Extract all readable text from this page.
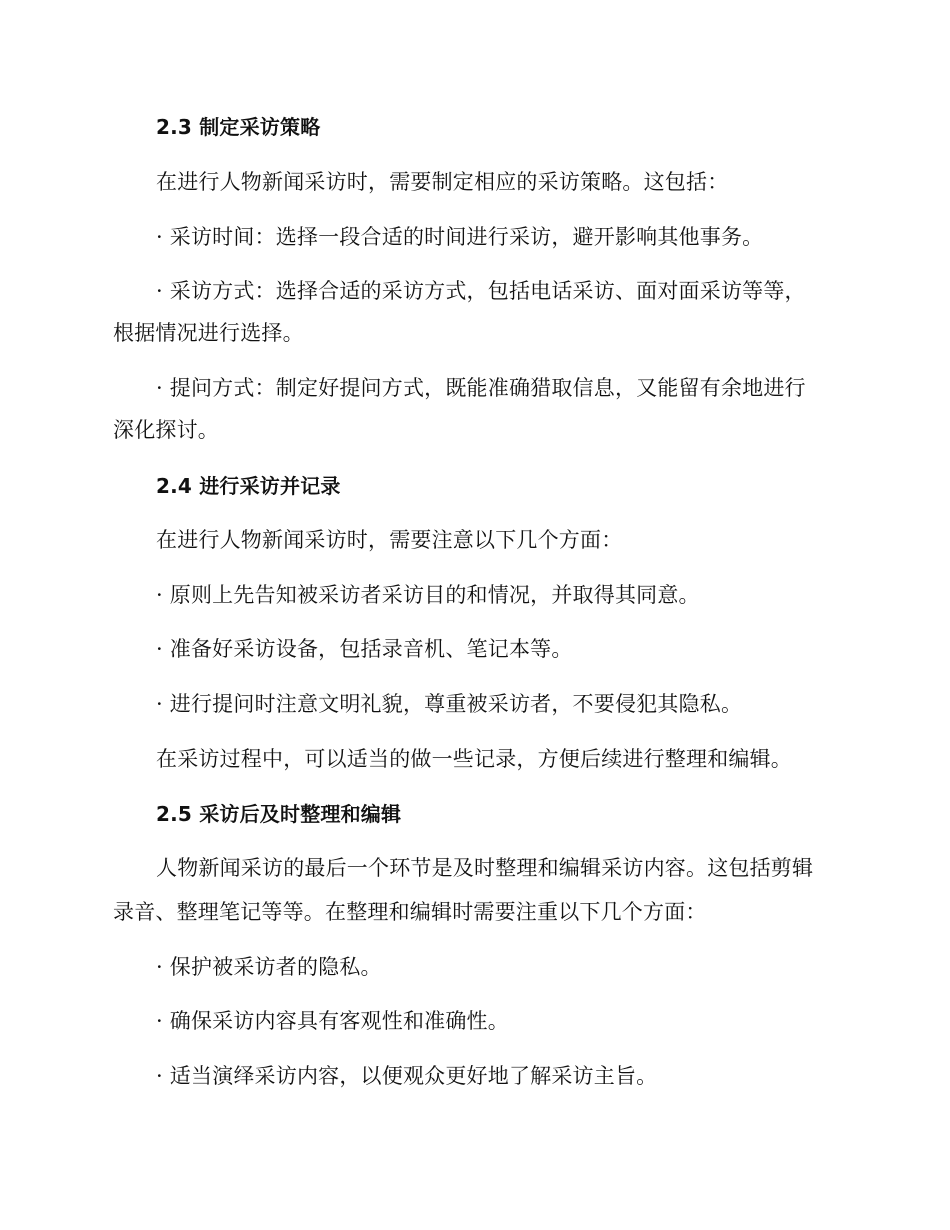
2.3 制定采访策略
在进行人物新闻采访时，需要制定相应的采访策略。这包括：
· 采访时间：选择一段合适的时间进行采访，避开影响其他事务。
· 采访方式：选择合适的采访方式，包括电话采访、面对面采访等等，
根据情况进行选择。
· 提问方式：制定好提问方式，既能准确猎取信息，又能留有余地进行
深化探讨。
2.4 进行采访并记录
在进行人物新闻采访时，需要注意以下几个方面：
· 原则上先告知被采访者采访目的和情况，并取得其同意。
· 准备好采访设备，包括录音机、笔记本等。
· 进行提问时注意文明礼貌，尊重被采访者，不要侵犯其隐私。
在采访过程中，可以适当的做一些记录，方便后续进行整理和编辑。
2.5 采访后及时整理和编辑
人物新闻采访的最后一个环节是及时整理和编辑采访内容。这包括剪辑
录音、整理笔记等等。在整理和编辑时需要注重以下几个方面：
· 保护被采访者的隐私。
· 确保采访内容具有客观性和准确性。
· 适当演绎采访内容，以便观众更好地了解采访主旨。
